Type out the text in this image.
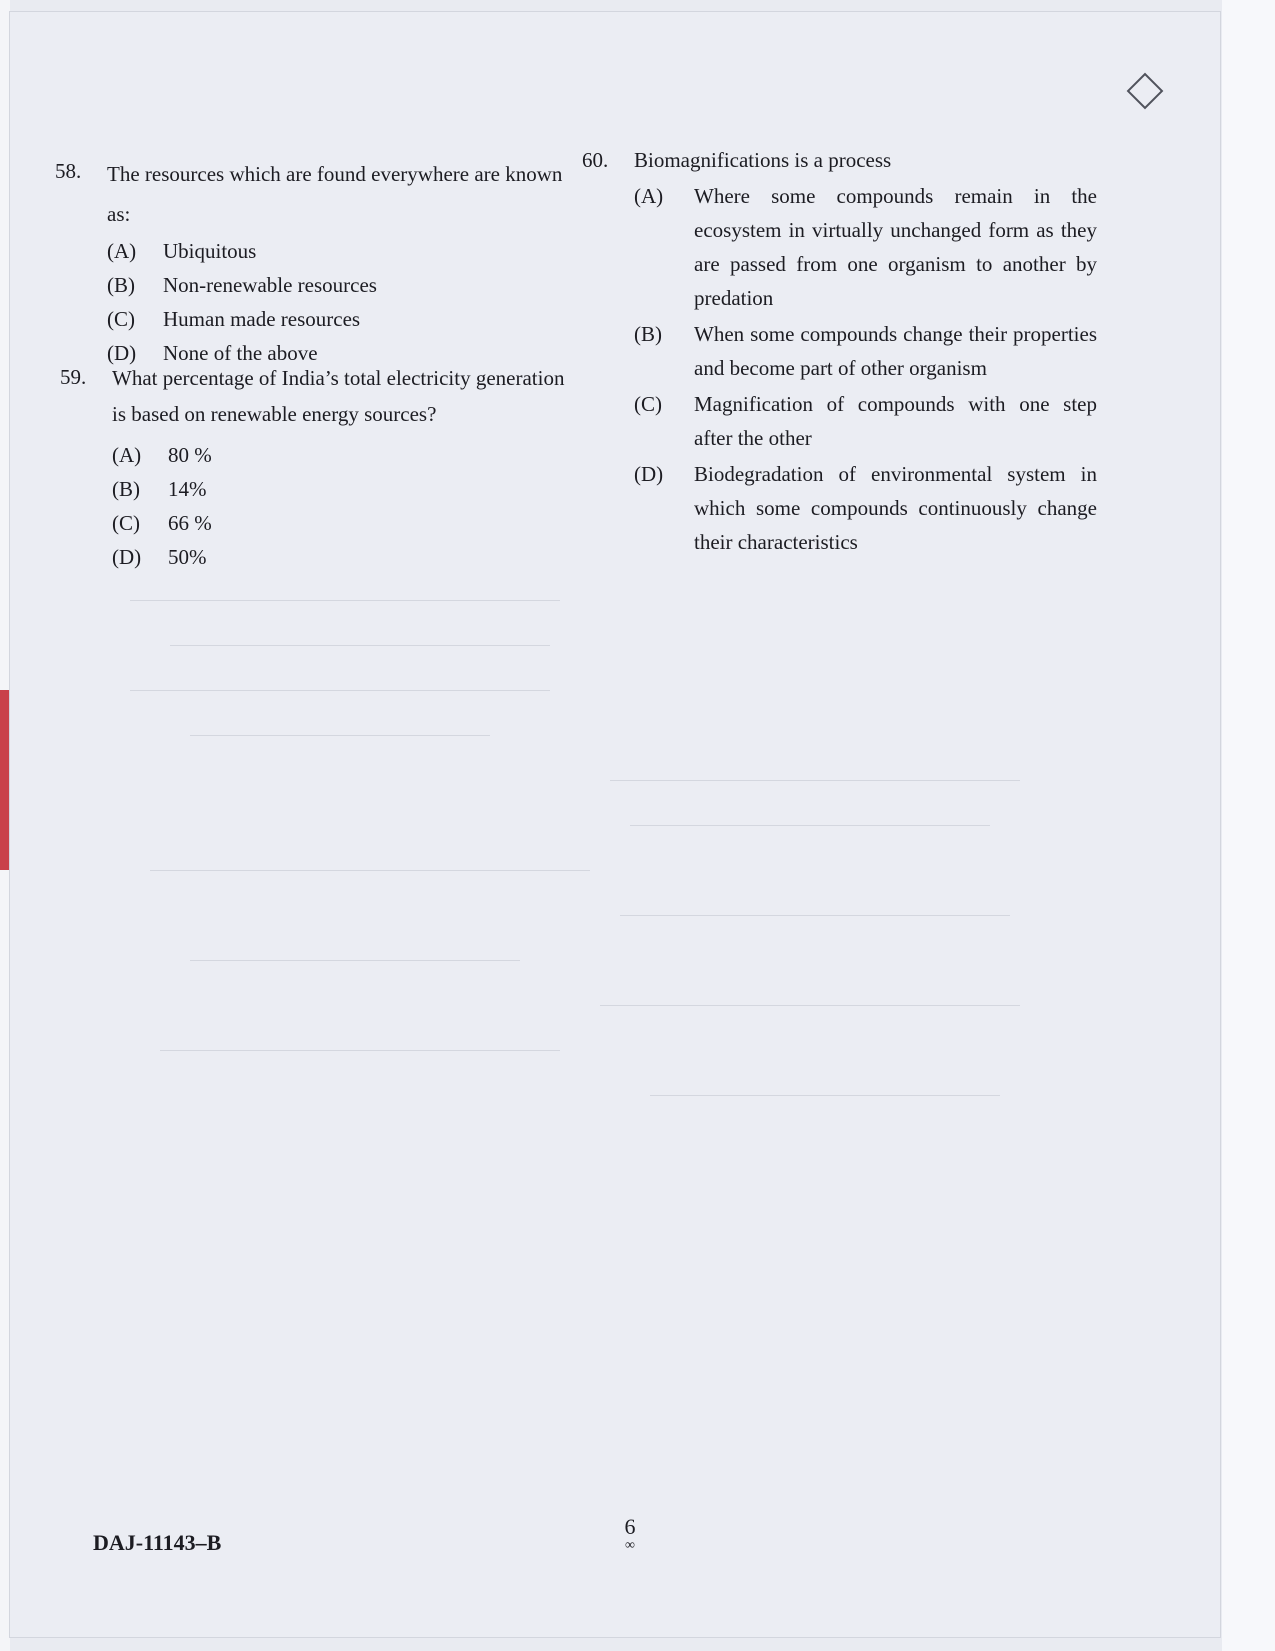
58. The resources which are found everywhere are known as:
(A) Ubiquitous
(B) Non-renewable resources
(C) Human made resources
(D) None of the above
59. What percentage of India’s total electricity generation is based on renewable energy sources?
(A) 80 %
(B) 14%
(C) 66 %
(D) 50%
60. Biomagnifications is a process
(A) Where some compounds remain in the ecosystem in virtually unchanged form as they are passed from one organism to another by predation
(B) When some compounds change their properties and become part of other organism
(C) Magnification of compounds with one step after the other
(D) Biodegradation of environmental system in which some compounds continuously change their characteristics
DAJ-11143–B
6
∞
